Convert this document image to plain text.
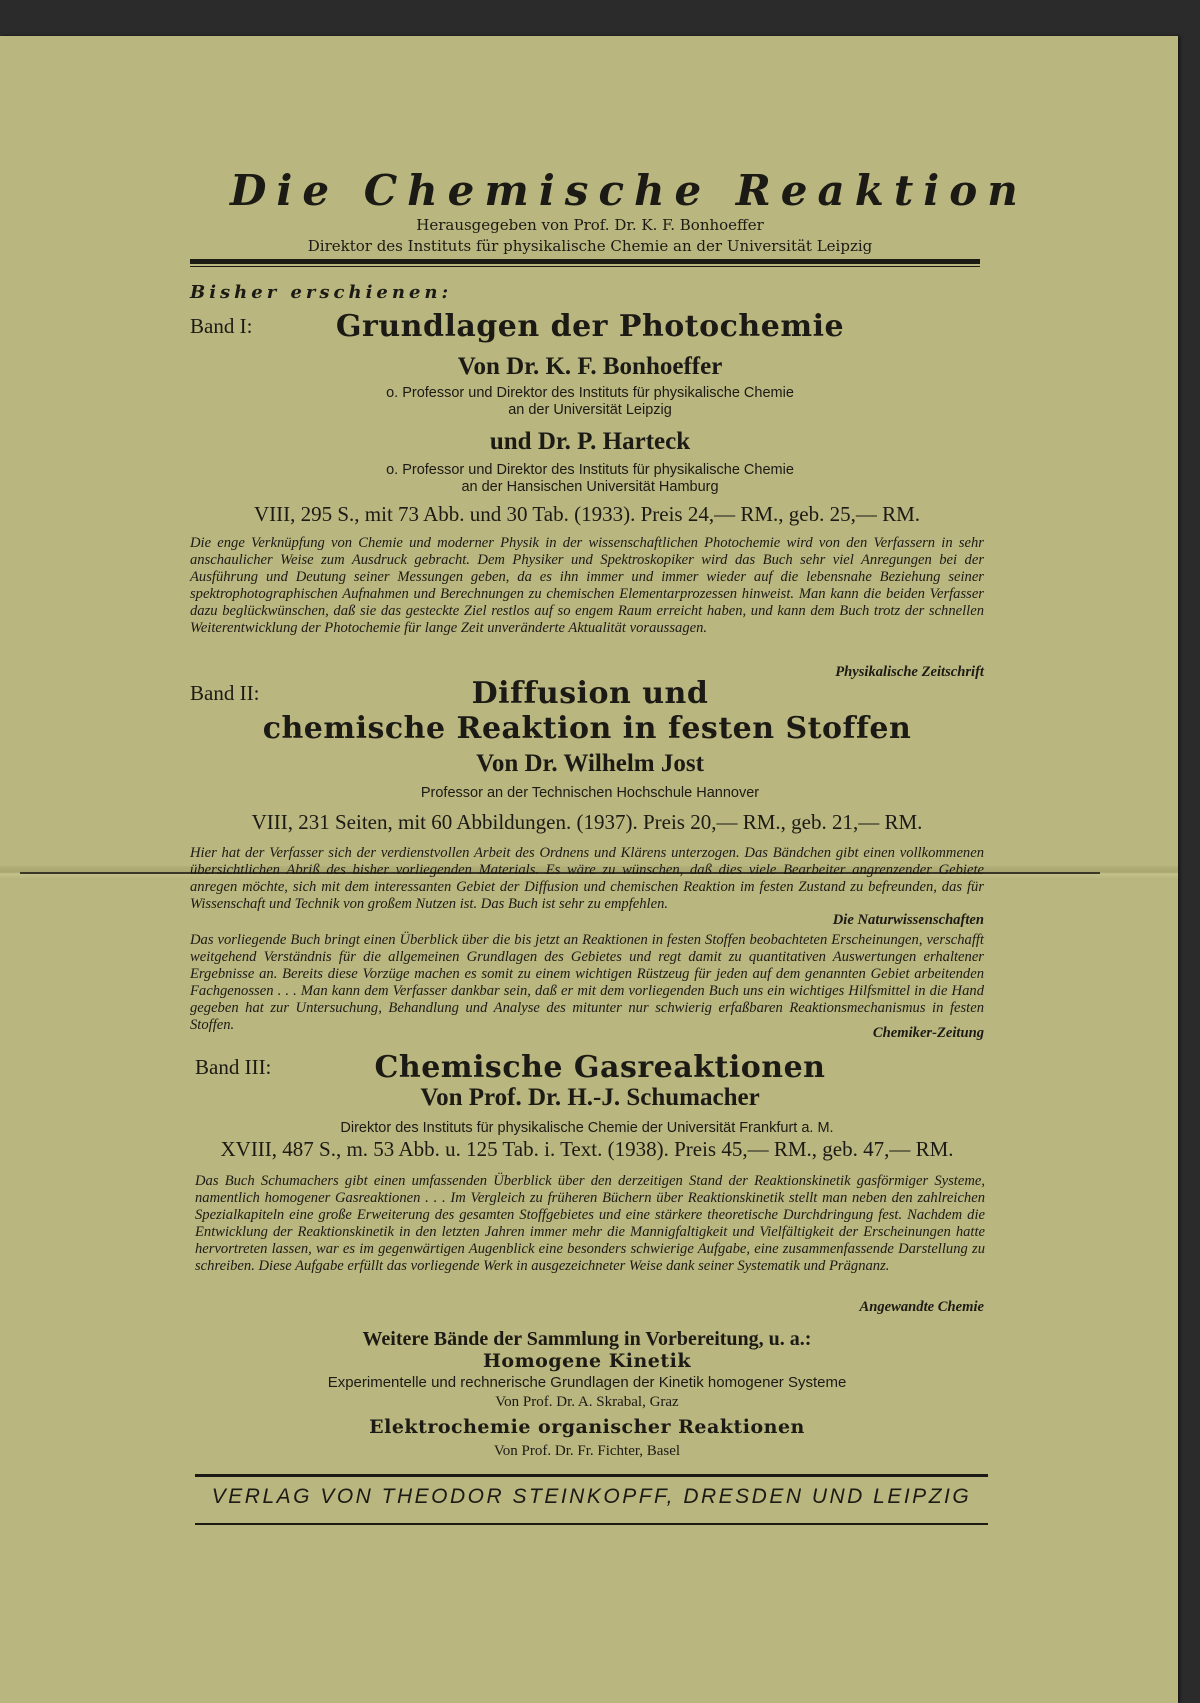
Die Chemische Reaktion
Herausgegeben von Prof. Dr. K. F. Bonhoeffer
Direktor des Instituts für physikalische Chemie an der Universität Leipzig
Bisher erschienen:
Band I:	Grundlagen der Photochemie
Von Dr. K. F. Bonhoeffer
o. Professor und Direktor des Instituts für physikalische Chemie
an der Universität Leipzig
und Dr. P. Harteck
o. Professor und Direktor des Instituts für physikalische Chemie
an der Hansischen Universität Hamburg
VIII, 295 S., mit 73 Abb. und 30 Tab. (1933). Preis 24,— RM., geb. 25,— RM.
Die enge Verknüpfung von Chemie und moderner Physik in der wissenschaftlichen Photochemie wird von den Verfassern in sehr anschaulicher Weise zum Ausdruck gebracht. Dem Physiker und Spektroskopiker wird das Buch sehr viel Anregungen bei der Ausführung und Deutung seiner Messungen geben, da es ihn immer und immer wieder auf die lebensnahe Beziehung seiner spektrophotographischen Aufnahmen und Berechnungen zu chemischen Elementarprozessen hinweist. Man kann die beiden Verfasser dazu beglückwünschen, daß sie das gesteckte Ziel restlos auf so engem Raum erreicht haben, und kann dem Buch trotz der schnellen Weiterentwicklung der Photochemie für lange Zeit unveränderte Aktualität voraussagen.
Physikalische Zeitschrift
Band II:	Diffusion und
chemische Reaktion in festen Stoffen
Von Dr. Wilhelm Jost
Professor an der Technischen Hochschule Hannover
VIII, 231 Seiten, mit 60 Abbildungen. (1937). Preis 20,— RM., geb. 21,— RM.
Hier hat der Verfasser sich der verdienstvollen Arbeit des Ordnens und Klärens unterzogen. Das Bändchen gibt einen vollkommenen übersichtlichen Abriß des bisher vorliegenden Materials. Es wäre zu wünschen, daß dies viele Bearbeiter angrenzender Gebiete anregen möchte, sich mit dem interessanten Gebiet der Diffusion und chemischen Reaktion im festen Zustand zu befreunden, das für Wissenschaft und Technik von großem Nutzen ist. Das Buch ist sehr zu empfehlen.
Die Naturwissenschaften
Das vorliegende Buch bringt einen Überblick über die bis jetzt an Reaktionen in festen Stoffen beobachteten Erscheinungen, verschafft weitgehend Verständnis für die allgemeinen Grundlagen des Gebietes und regt damit zu quantitativen Auswertungen erhaltener Ergebnisse an. Bereits diese Vorzüge machen es somit zu einem wichtigen Rüstzeug für jeden auf dem genannten Gebiet arbeitenden Fachgenossen . . . Man kann dem Verfasser dankbar sein, daß er mit dem vorliegenden Buch uns ein wichtiges Hilfsmittel in die Hand gegeben hat zur Untersuchung, Behandlung und Analyse des mitunter nur schwierig erfaßbaren Reaktionsmechanismus in festen Stoffen.
Chemiker-Zeitung
Band III:	Chemische Gasreaktionen
Von Prof. Dr. H.-J. Schumacher
Direktor des Instituts für physikalische Chemie der Universität Frankfurt a. M.
XVIII, 487 S., m. 53 Abb. u. 125 Tab. i. Text. (1938). Preis 45,— RM., geb. 47,— RM.
Das Buch Schumachers gibt einen umfassenden Überblick über den derzeitigen Stand der Reaktionskinetik gasförmiger Systeme, namentlich homogener Gasreaktionen . . . Im Vergleich zu früheren Büchern über Reaktionskinetik stellt man neben den zahlreichen Spezialkapiteln eine große Erweiterung des gesamten Stoffgebietes und eine stärkere theoretische Durchdringung fest. Nachdem die Entwicklung der Reaktionskinetik in den letzten Jahren immer mehr die Mannigfaltigkeit und Vielfältigkeit der Erscheinungen hatte hervortreten lassen, war es im gegenwärtigen Augenblick eine besonders schwierige Aufgabe, eine zusammenfassende Darstellung zu schreiben. Diese Aufgabe erfüllt das vorliegende Werk in ausgezeichneter Weise dank seiner Systematik und Prägnanz.
Angewandte Chemie
Weitere Bände der Sammlung in Vorbereitung, u. a.:
Homogene Kinetik
Experimentelle und rechnerische Grundlagen der Kinetik homogener Systeme
Von Prof. Dr. A. Skrabal, Graz
Elektrochemie organischer Reaktionen
Von Prof. Dr. Fr. Fichter, Basel
VERLAG VON THEODOR STEINKOPFF, DRESDEN UND LEIPZIG
